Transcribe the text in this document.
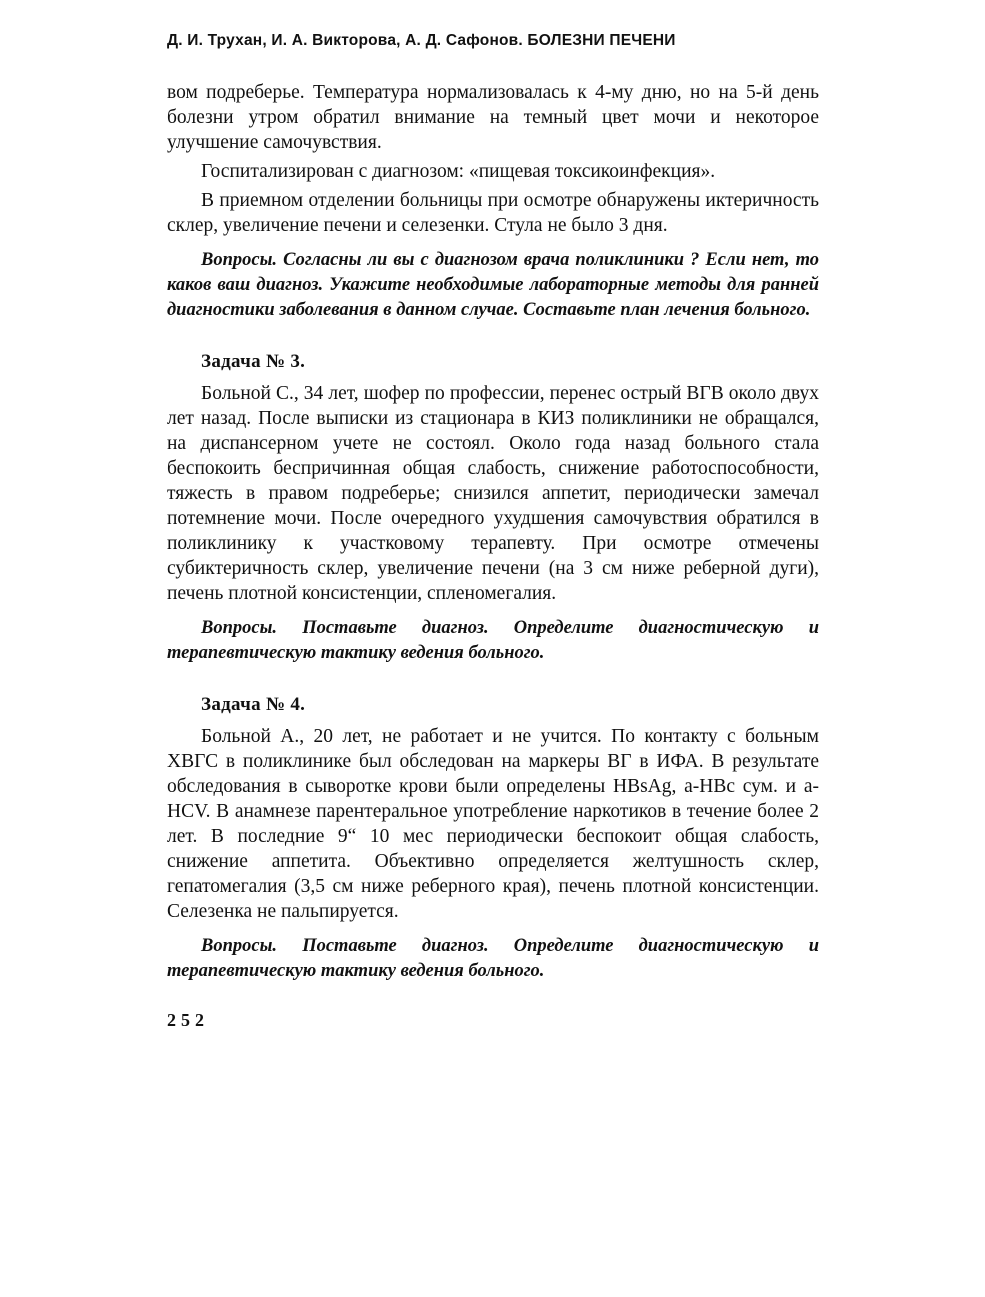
Д. И. Трухан, И. А. Викторова, А. Д. Сафонов. БОЛЕЗНИ ПЕЧЕНИ

вом подреберье. Температура нормализовалась к 4-му дню, но на 5-й день болезни утром обратил внимание на темный цвет мочи и некоторое улучшение самочувствия.

Госпитализирован с диагнозом: «пищевая токсикоинфекция».

В приемном отделении больницы при осмотре обнаружены иктеричность склер, увеличение печени и селезенки. Стула не было 3 дня.

Вопросы. Согласны ли вы с диагнозом врача поликлиники ? Если нет, то каков ваш диагноз. Укажите необходимые лабораторные методы для ранней диагностики заболевания в данном случае. Составьте план лечения больного.

Задача № 3.

Больной С., 34 лет, шофер по профессии, перенес острый ВГВ около двух лет назад. После выписки из стационара в КИЗ поликлиники не обращался, на диспансерном учете не состоял. Около года назад больного стала беспокоить беспричинная общая слабость, снижение работоспособности, тяжесть в правом подреберье; снизился аппетит, периодически замечал потемнение мочи. После очередного ухудшения самочувствия обратился в поликлинику к участковому терапевту. При осмотре отмечены субиктеричность склер, увеличение печени (на 3 см ниже реберной дуги), печень плотной консистенции, спленомегалия.

Вопросы. Поставьте диагноз. Определите диагностическую и терапевтическую тактику ведения больного.

Задача № 4.

Больной А., 20 лет, не работает и не учится. По контакту с больным ХВГС в поликлинике был обследован на маркеры ВГ в ИФА. В результате обследования в сыворотке крови были определены HBsAg, a-HBc сум. и a-HCV. В анамнезе парентеральное употребление наркотиков в течение более 2 лет. В последние 9“ 10 мес периодически беспокоит общая слабость, снижение аппетита. Объективно определяется желтушность склер, гепатомегалия (3,5 см ниже реберного края), печень плотной консистенции. Селезенка не пальпируется.

Вопросы. Поставьте диагноз. Определите диагностическую и терапевтическую тактику ведения больного.

252
